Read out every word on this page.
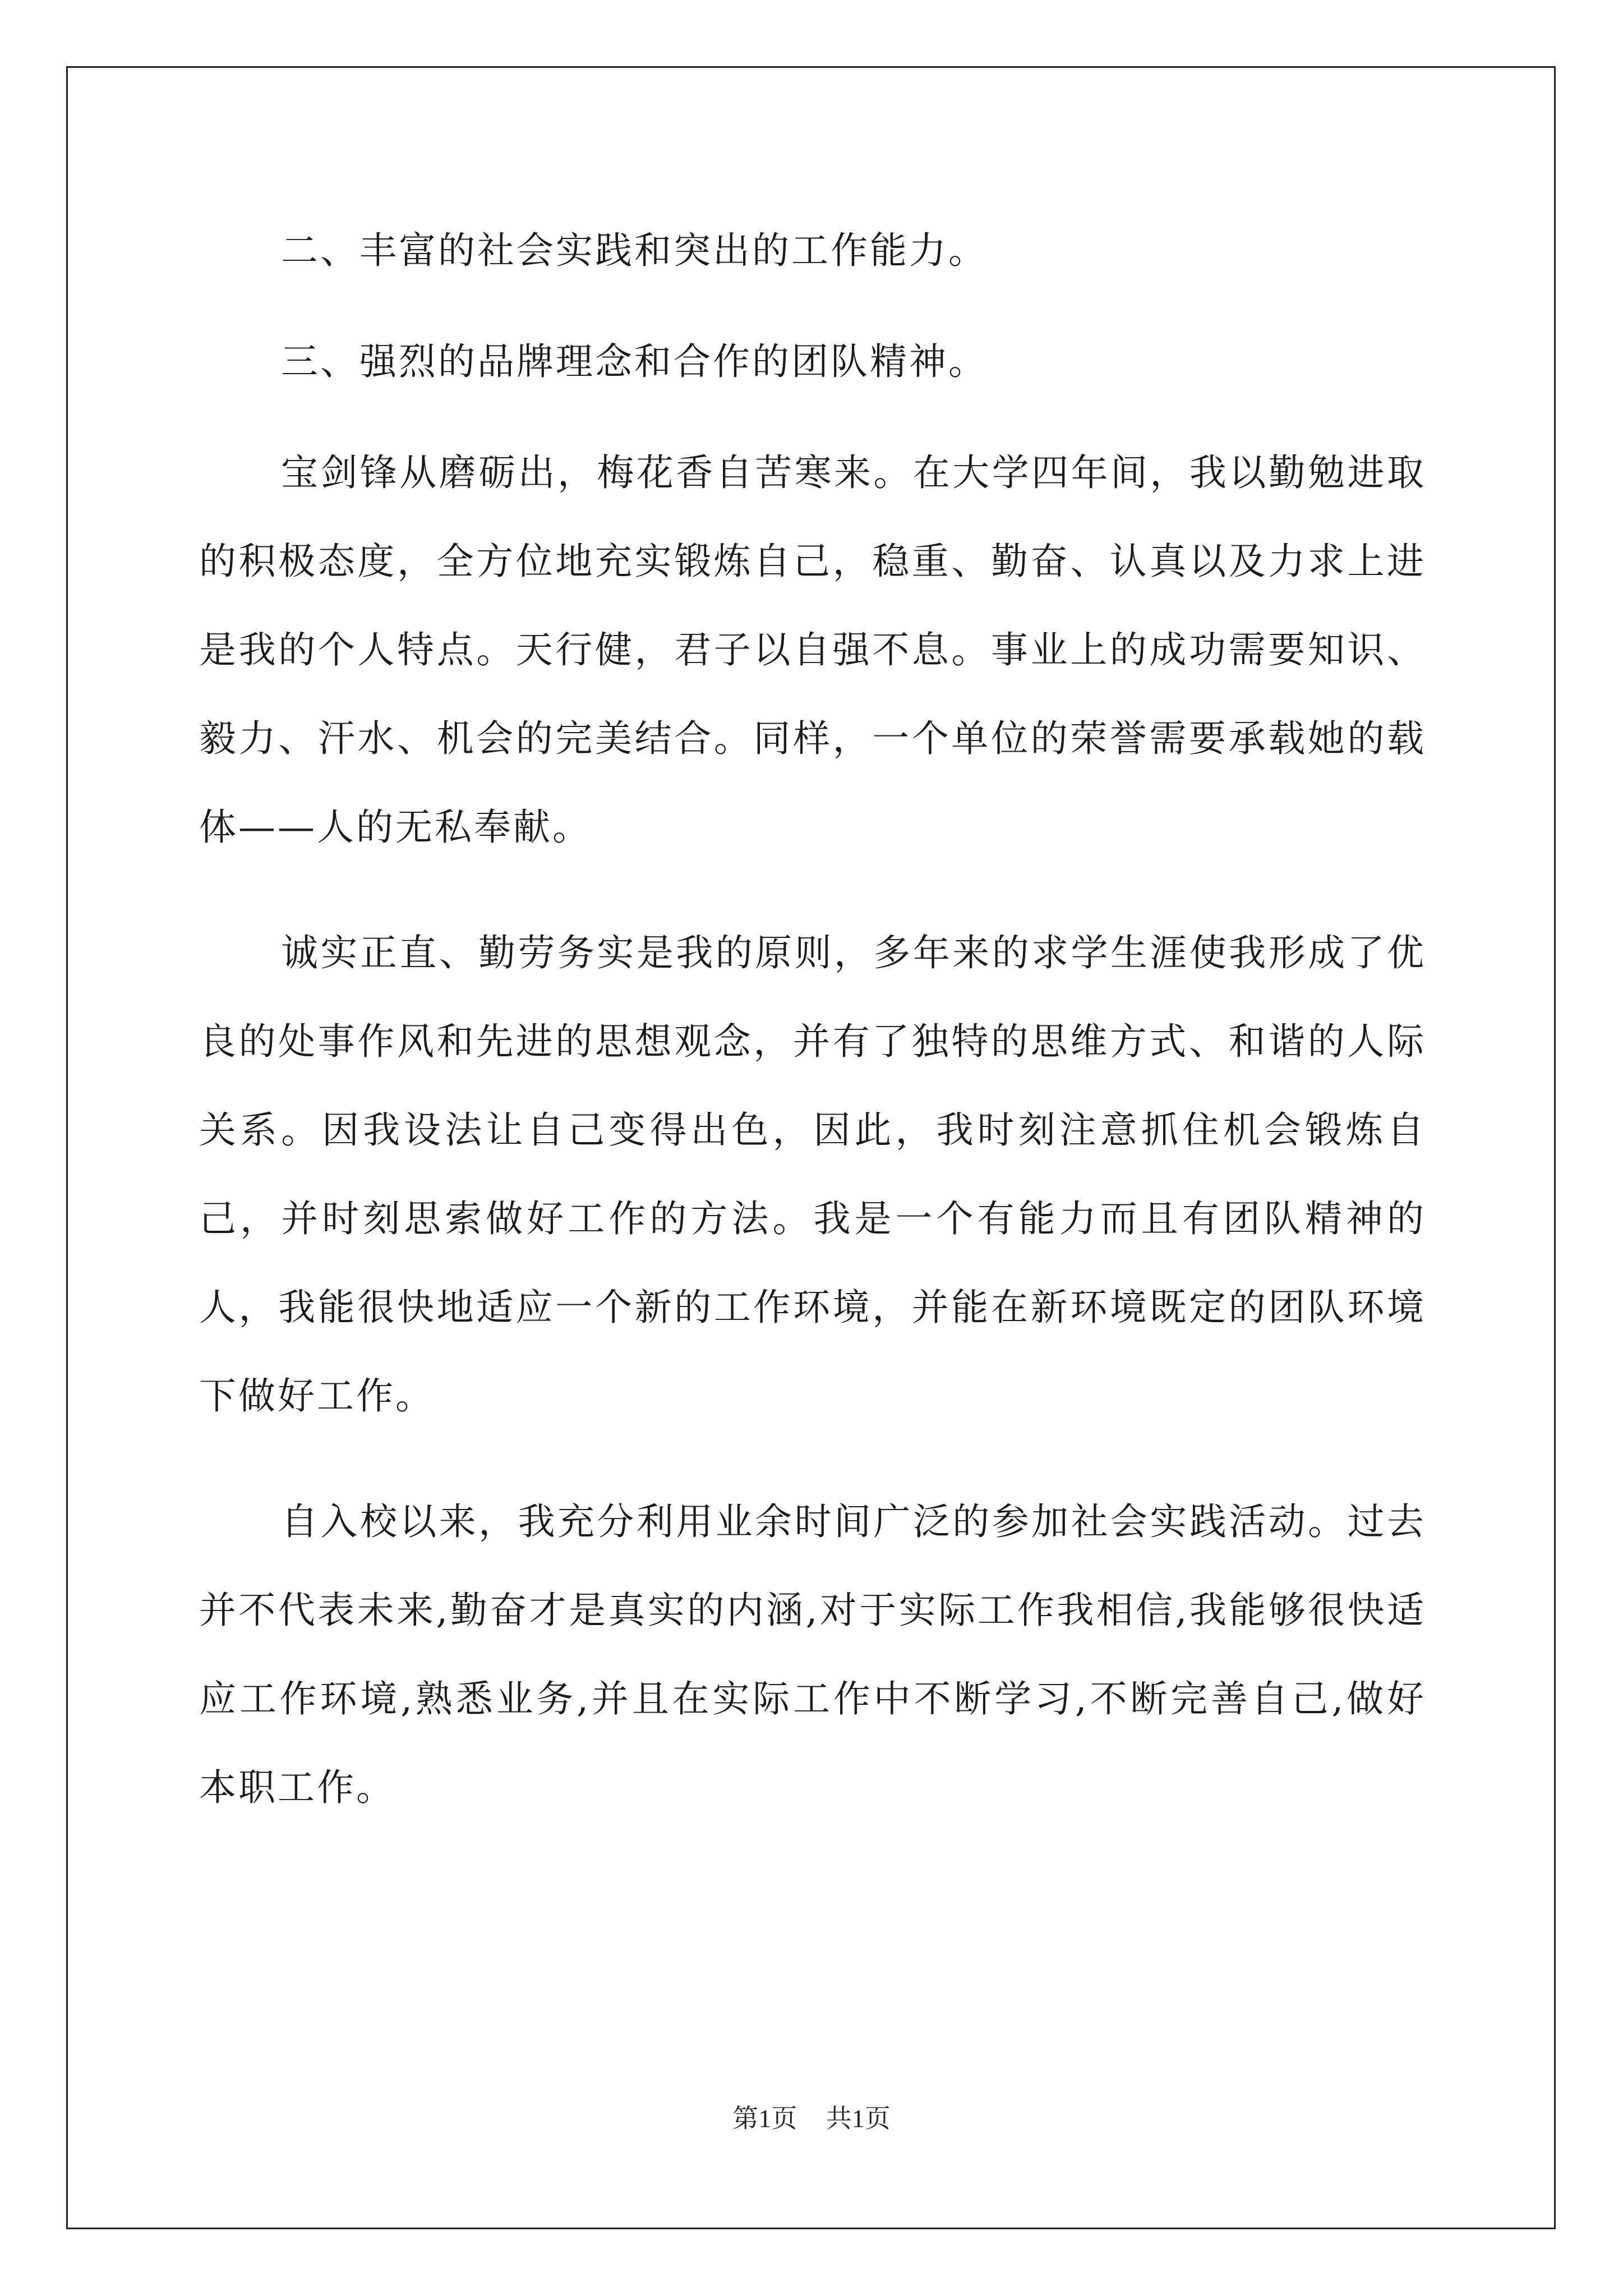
二、丰富的社会实践和突出的工作能力。

三、强烈的品牌理念和合作的团队精神。

宝剑锋从磨砺出，梅花香自苦寒来。在大学四年间，我以勤勉进取的积极态度，全方位地充实锻炼自己，稳重、勤奋、认真以及力求上进是我的个人特点。天行健，君子以自强不息。事业上的成功需要知识、毅力、汗水、机会的完美结合。同样，一个单位的荣誉需要承载她的载体——人的无私奉献。

诚实正直、勤劳务实是我的原则，多年来的求学生涯使我形成了优良的处事作风和先进的思想观念，并有了独特的思维方式、和谐的人际关系。因我设法让自己变得出色，因此，我时刻注意抓住机会锻炼自己，并时刻思索做好工作的方法。我是一个有能力而且有团队精神的人，我能很快地适应一个新的工作环境，并能在新环境既定的团队环境下做好工作。

自入校以来，我充分利用业余时间广泛的参加社会实践活动。过去并不代表未来,勤奋才是真实的内涵,对于实际工作我相信,我能够很快适应工作环境,熟悉业务,并且在实际工作中不断学习,不断完善自己,做好本职工作。

第1页 共1页
